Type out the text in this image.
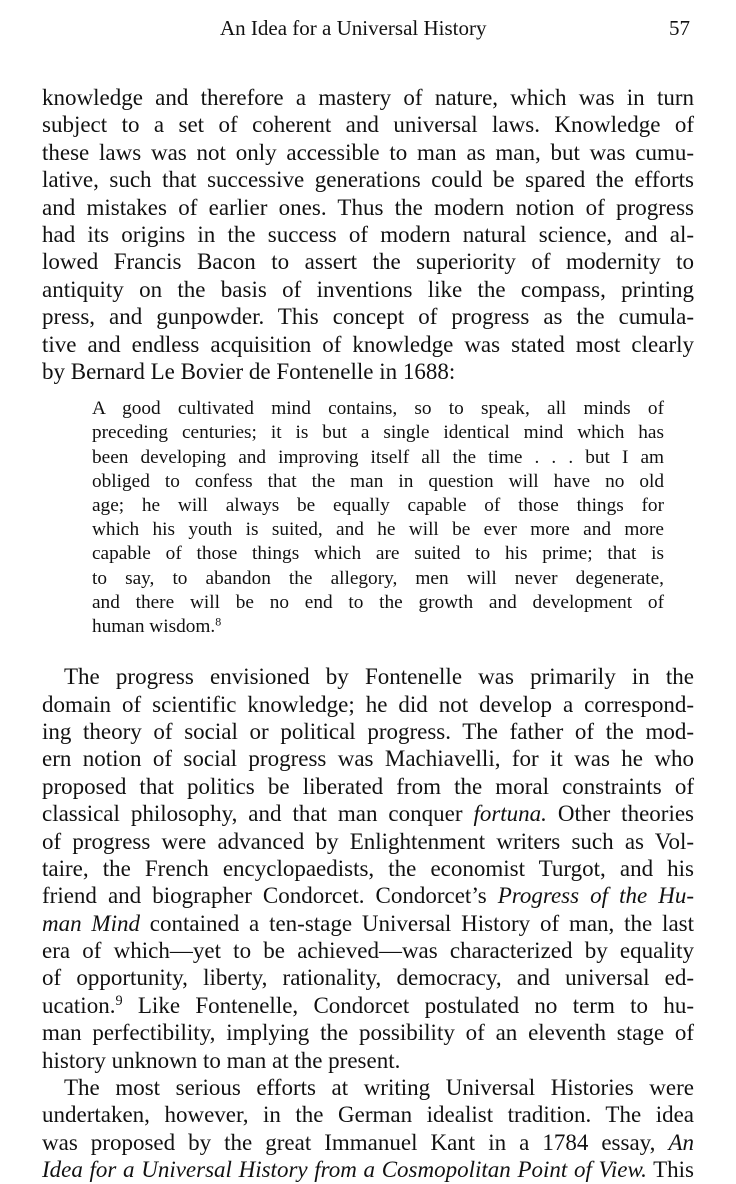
An Idea for a Universal History	57
knowledge and therefore a mastery of nature, which was in turn
subject to a set of coherent and universal laws. Knowledge of
these laws was not only accessible to man as man, but was cumu-
lative, such that successive generations could be spared the efforts
and mistakes of earlier ones. Thus the modern notion of progress
had its origins in the success of modern natural science, and al-
lowed Francis Bacon to assert the superiority of modernity to
antiquity on the basis of inventions like the compass, printing
press, and gunpowder. This concept of progress as the cumula-
tive and endless acquisition of knowledge was stated most clearly
by Bernard Le Bovier de Fontenelle in 1688:
A good cultivated mind contains, so to speak, all minds of
preceding centuries; it is but a single identical mind which has
been developing and improving itself all the time . . . but I am
obliged to confess that the man in question will have no old
age; he will always be equally capable of those things for
which his youth is suited, and he will be ever more and more
capable of those things which are suited to his prime; that is
to say, to abandon the allegory, men will never degenerate,
and there will be no end to the growth and development of
human wisdom.$^8$
The progress envisioned by Fontenelle was primarily in the
domain of scientific knowledge; he did not develop a correspond-
ing theory of social or political progress. The father of the mod-
ern notion of social progress was Machiavelli, for it was he who
proposed that politics be liberated from the moral constraints of
classical philosophy, and that man conquer fortuna. Other theories
of progress were advanced by Enlightenment writers such as Vol-
taire, the French encyclopaedists, the economist Turgot, and his
friend and biographer Condorcet. Condorcet’s Progress of the Hu-
man Mind contained a ten-stage Universal History of man, the last
era of which—yet to be achieved—was characterized by equality
of opportunity, liberty, rationality, democracy, and universal ed-
ucation.$^9$ Like Fontenelle, Condorcet postulated no term to hu-
man perfectibility, implying the possibility of an eleventh stage of
history unknown to man at the present.
The most serious efforts at writing Universal Histories were
undertaken, however, in the German idealist tradition. The idea
was proposed by the great Immanuel Kant in a 1784 essay, An
Idea for a Universal History from a Cosmopolitan Point of View. This
